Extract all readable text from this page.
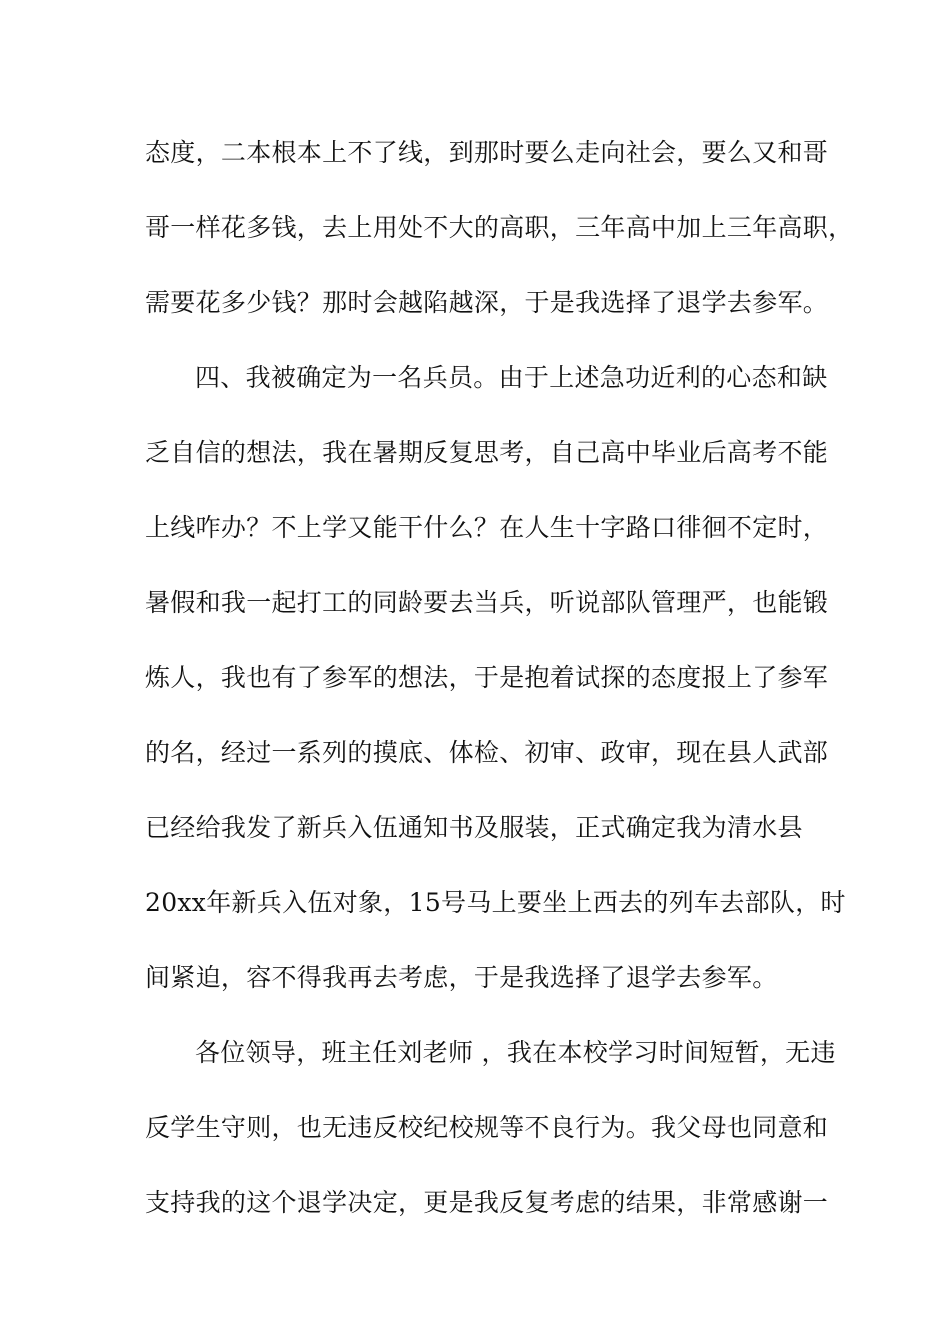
态度，二本根本上不了线，到那时要么走向社会，要么又和哥
哥一样花多钱，去上用处不大的高职，三年高中加上三年高职，
需要花多少钱？那时会越陷越深，于是我选择了退学去参军。
四、我被确定为一名兵员。由于上述急功近利的心态和缺
乏自信的想法，我在暑期反复思考，自己高中毕业后高考不能
上线咋办？不上学又能干什么？在人生十字路口徘徊不定时，
暑假和我一起打工的同龄要去当兵，听说部队管理严，也能锻
炼人，我也有了参军的想法，于是抱着试探的态度报上了参军
的名，经过一系列的摸底、体检、初审、政审，现在县人武部
已经给我发了新兵入伍通知书及服装，正式确定我为清水县
20xx年新兵入伍对象，15号马上要坐上西去的列车去部队，时
间紧迫，容不得我再去考虑，于是我选择了退学去参军。
各位领导，班主任刘老师 ，我在本校学习时间短暂，无违
反学生守则，也无违反校纪校规等不良行为。我父母也同意和
支持我的这个退学决定，更是我反复考虑的结果，非常感谢一
